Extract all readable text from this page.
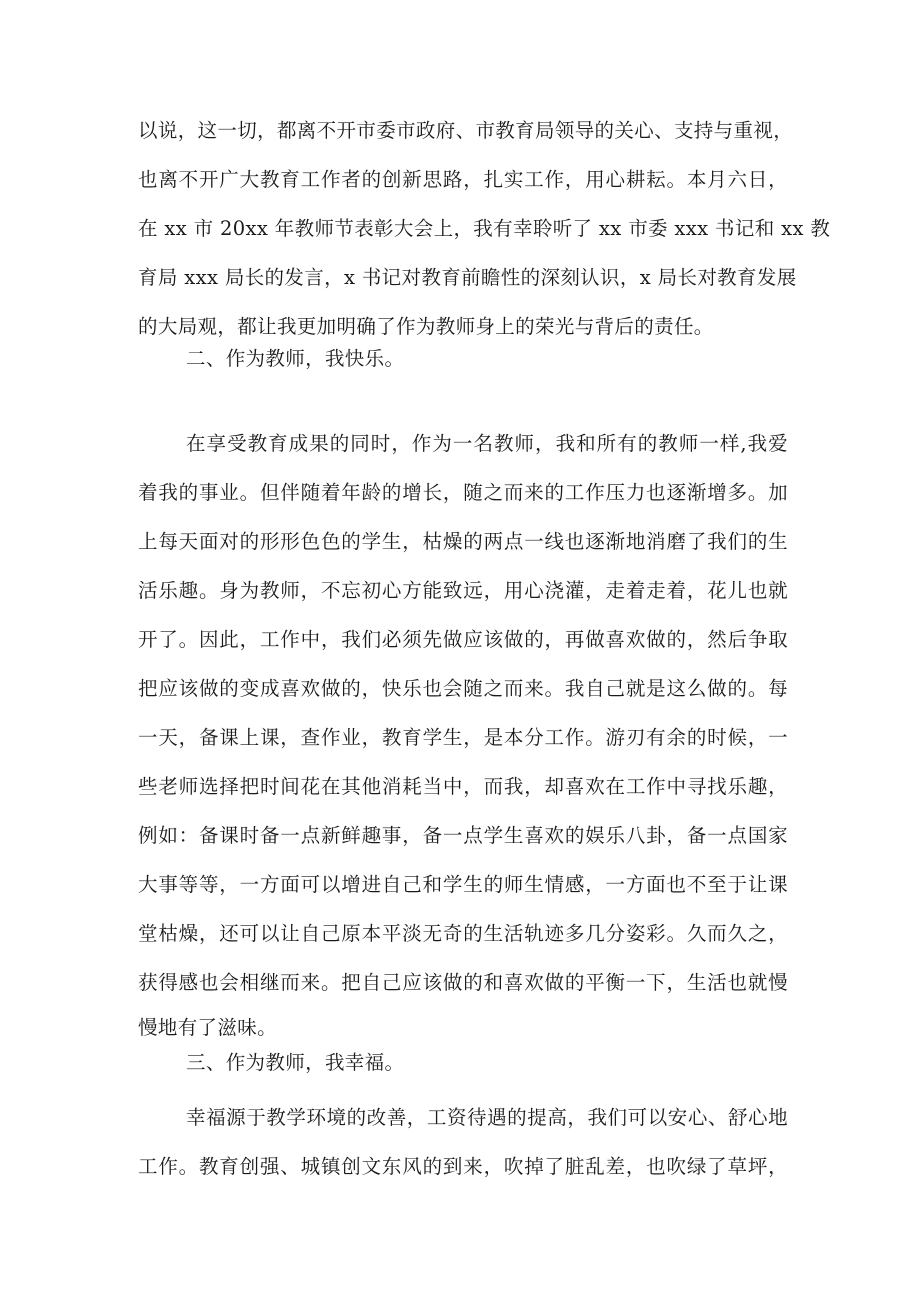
以说，这一切，都离不开市委市政府、市教育局领导的关心、支持与重视，
也离不开广大教育工作者的创新思路，扎实工作，用心耕耘。本月六日，
在 xx 市 20xx 年教师节表彰大会上，我有幸聆听了 xx 市委 xxx 书记和 xx 教
育局 xxx 局长的发言，x 书记对教育前瞻性的深刻认识，x 局长对教育发展
的大局观，都让我更加明确了作为教师身上的荣光与背后的责任。
二、作为教师，我快乐。
在享受教育成果的同时，作为一名教师，我和所有的教师一样,我爱
着我的事业。但伴随着年龄的增长，随之而来的工作压力也逐渐增多。加
上每天面对的形形色色的学生，枯燥的两点一线也逐渐地消磨了我们的生
活乐趣。身为教师，不忘初心方能致远，用心浇灌，走着走着，花儿也就
开了。因此，工作中，我们必须先做应该做的，再做喜欢做的，然后争取
把应该做的变成喜欢做的，快乐也会随之而来。我自己就是这么做的。每
一天，备课上课，查作业，教育学生，是本分工作。游刃有余的时候，一
些老师选择把时间花在其他消耗当中，而我，却喜欢在工作中寻找乐趣，
例如：备课时备一点新鲜趣事，备一点学生喜欢的娱乐八卦，备一点国家
大事等等，一方面可以增进自己和学生的师生情感，一方面也不至于让课
堂枯燥，还可以让自己原本平淡无奇的生活轨迹多几分姿彩。久而久之，
获得感也会相继而来。把自己应该做的和喜欢做的平衡一下，生活也就慢
慢地有了滋味。
三、作为教师，我幸福。
幸福源于教学环境的改善，工资待遇的提高，我们可以安心、舒心地
工作。教育创强、城镇创文东风的到来，吹掉了脏乱差，也吹绿了草坪，
